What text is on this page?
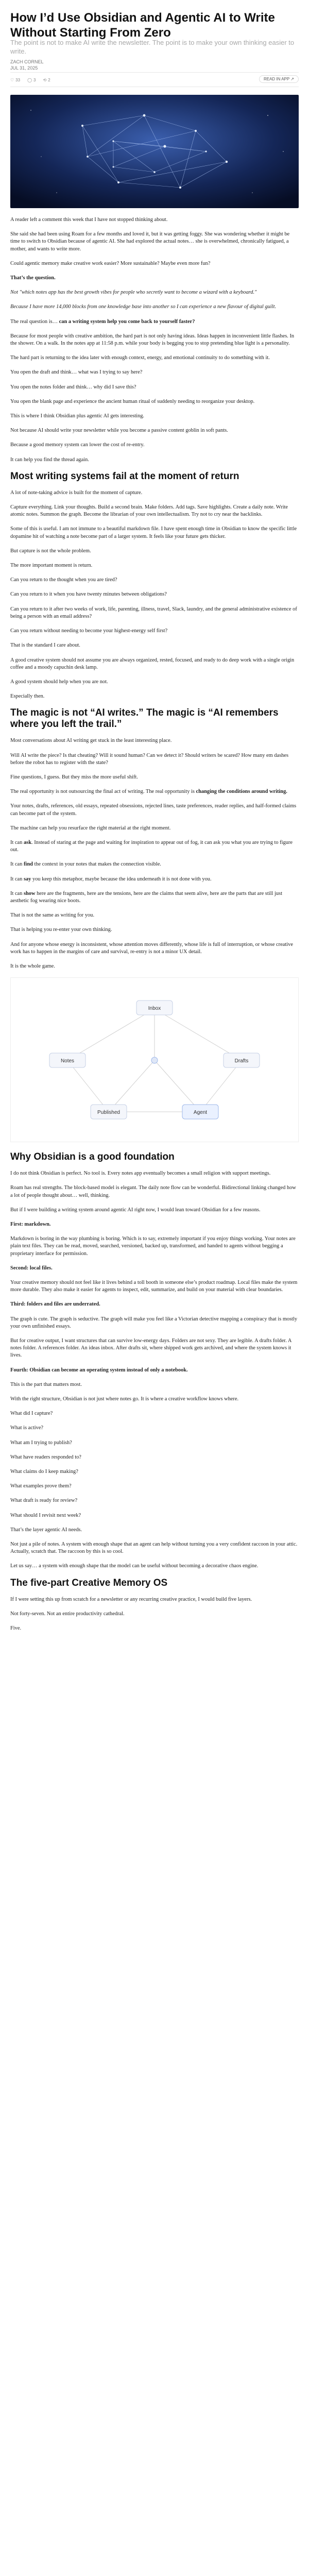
How I’d Use Obsidian and Agentic AI to Write Without Starting From Zero
The point is not to make AI write the newsletter. The point is to make your own thinking easier to write.
ZACH CORNEL
JUL 31, 2025
♡ 33 ◯ 3 ⟲ 2	READ IN APP ↗

A reader left a comment this week that I have not stopped thinking about.

She said she had been using Roam for a few months and loved it, but it was getting foggy. She was wondering whether it might be time to switch to Obsidian because of agentic AI. She had explored the actual notes… she is overwhelmed, chronically fatigued, a mother, and wants to write more.

Could agentic memory make creative work easier? More sustainable? Maybe even more fun?

That’s the question.

Not "which notes app has the best growth vibes for people who secretly want to become a wizard with a keyboard."

Because I have more 14,000 blocks from one knowledge base into another so I can experience a new flavour of digital guilt.

The real question is… can a writing system help you come back to yourself faster?

Because for most people with creative ambition, the hard part is not only having ideas. Ideas happen in inconvenient little flashes. In the shower. On a walk. In the notes app at 11:58 p.m. while your body is begging you to stop pretending blue light is a personality.

The hard part is returning to the idea later with enough context, energy, and emotional continuity to do something with it.

You open the draft and think… what was I trying to say here?

You open the notes folder and think… why did I save this?

You open the blank page and experience the ancient human ritual of suddenly needing to reorganize your desktop.

This is where I think Obsidian plus agentic AI gets interesting.

Not because AI should write your newsletter while you become a passive content goblin in soft pants.

Because a good memory system can lower the cost of re-entry.

It can help you find the thread again.

Most writing systems fail at the moment of return

A lot of note-taking advice is built for the moment of capture.

Capture everything. Link your thoughts. Build a second brain. Make folders. Add tags. Save highlights. Create a daily note. Write atomic notes. Summon the graph. Become the librarian of your own intellectualism. Try not to cry near the backlinks.

Some of this is useful. I am not immune to a beautiful markdown file. I have spent enough time in Obsidian to know the specific little dopamine hit of watching a note become part of a larger system. It feels like your future gets thicker.

But capture is not the whole problem.

The more important moment is return.

Can you return to the thought when you are tired?

Can you return to it when you have twenty minutes between obligations?

Can you return to it after two weeks of work, life, parenting, illness, travel, Slack, laundry, and the general administrative existence of being a person with an email address?

Can you return without needing to become your highest-energy self first?

That is the standard I care about.

A good creative system should not assume you are always organized, rested, focused, and ready to do deep work with a single origin coffee and a moody capuchin desk lamp.

A good system should help when you are not.

Especially then.

The magic is not “AI writes.” The magic is “AI remembers where you left the trail.”

Most conversations about AI writing get stuck in the least interesting place.

Will AI write the piece? Is that cheating? Will it sound human? Can we detect it? Should writers be scared? How many em dashes before the robot has to register with the state?

Fine questions, I guess. But they miss the more useful shift.

The real opportunity is not outsourcing the final act of writing. The real opportunity is changing the conditions around writing.

Your notes, drafts, references, old essays, repeated obsessions, rejected lines, taste preferences, reader replies, and half-formed claims can become part of the system.

The machine can help you resurface the right material at the right moment.

It can ask. Instead of staring at the page and waiting for inspiration to appear out of fog, it can ask you what you are trying to figure out.

It can find the context in your notes that makes the connection visible.

It can say you keep this metaphor, maybe because the idea underneath it is not done with you.

It can show here are the fragments, here are the tensions, here are the claims that seem alive, here are the parts that are still just aesthetic fog wearing nice boots.

That is not the same as writing for you.

That is helping you re-enter your own thinking.

And for anyone whose energy is inconsistent, whose attention moves differently, whose life is full of interruption, or whose creative work has to happen in the margins of care and survival, re-entry is not a minor UX detail.

It is the whole game.

Inbox
Notes	Drafts
Published	Agent
Why Obsidian is a good foundation

I do not think Obsidian is perfect. No tool is. Every notes app eventually becomes a small religion with support meetings.

Roam has real strengths. The block-based model is elegant. The daily note flow can be wonderful. Bidirectional linking changed how a lot of people thought about… well, thinking.

But if I were building a writing system around agentic AI right now, I would lean toward Obsidian for a few reasons.

First: markdown.

Markdown is boring in the way plumbing is boring. Which is to say, extremely important if you enjoy things working. Your notes are plain text files. They can be read, moved, searched, versioned, backed up, transformed, and handed to agents without begging a proprietary interface for permission.

Second: local files.

Your creative memory should not feel like it lives behind a toll booth in someone else’s product roadmap. Local files make the system more durable. They also make it easier for agents to inspect, edit, summarize, and build on your material with clear boundaries.

Third: folders and files are underrated.

The graph is cute. The graph is seductive. The graph will make you feel like a Victorian detective mapping a conspiracy that is mostly your own unfinished essays.

But for creative output, I want structures that can survive low-energy days. Folders are not sexy. They are legible. A drafts folder. A notes folder. A references folder. An ideas inbox. After drafts sit, where shipped work gets archived, and where the system knows it lives.

Fourth: Obsidian can become an operating system instead of only a notebook.

This is the part that matters most.

With the right structure, Obsidian is not just where notes go. It is where a creative workflow knows where.

What did I capture?

What is active?

What am I trying to publish?

What have readers responded to?

What claims do I keep making?

What examples prove them?

What draft is ready for review?

What should I revisit next week?

That’s the layer agentic AI needs.

Not just a pile of notes. A system with enough shape that an agent can help without turning you a very confident raccoon in your attic. Actually, scratch that. The raccoon by this is so cool.

Let us say… a system with enough shape that the model can be useful without becoming a decorative chaos engine.

The five-part Creative Memory OS

If I were setting this up from scratch for a newsletter or any recurring creative practice, I would build five layers.

Not forty-seven. Not an entire productivity cathedral.

Five.
